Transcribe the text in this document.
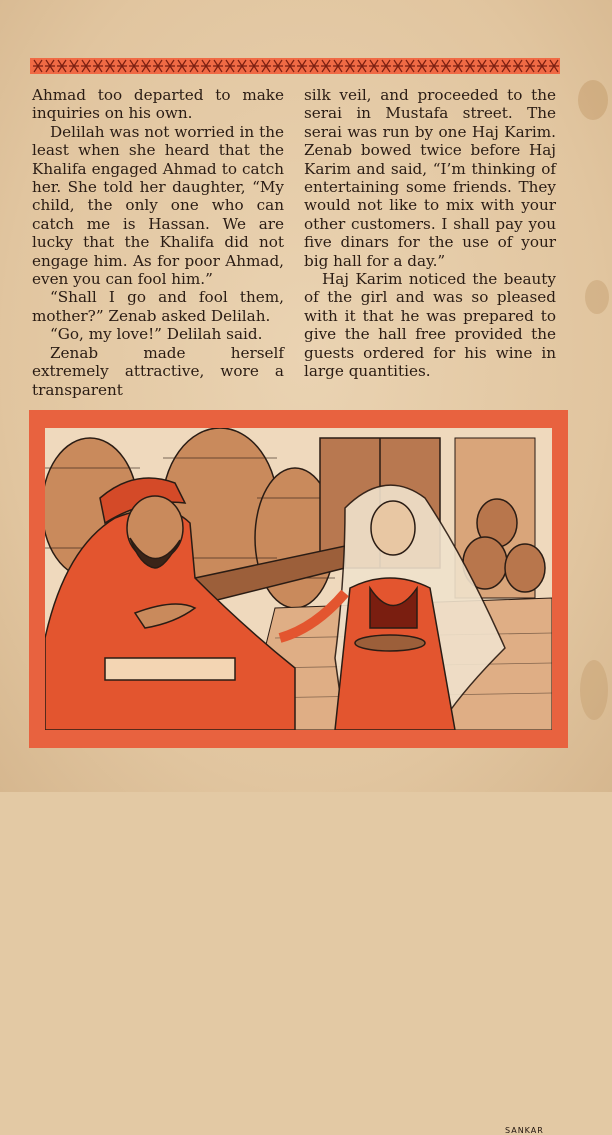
Ahmad too departed to make inquiries on his own.

Delilah was not worried in the least when she heard that the Khalifa engaged Ahmad to catch her. She told her daughter, “My child, the only one who can catch me is Hassan. We are lucky that the Khalifa did not engage him. As for poor Ahmad, even you can fool him.”

“Shall I go and fool them, mother?” Zenab asked Delilah.

“Go, my love!” Delilah said.

Zenab made herself extremely attractive, wore a transparent

silk veil, and proceeded to the serai in Mustafa street. The serai was run by one Haj Karim. Zenab bowed twice before Haj Karim and said, “I’m thinking of entertaining some friends. They would not like to mix with your other customers. I shall pay you five dinars for the use of your big hall for a day.”

Haj Karim noticed the beauty of the girl and was so pleased with it that he was prepared to give the hall free provided the guests ordered for his wine in large quantities.

SANKAR
